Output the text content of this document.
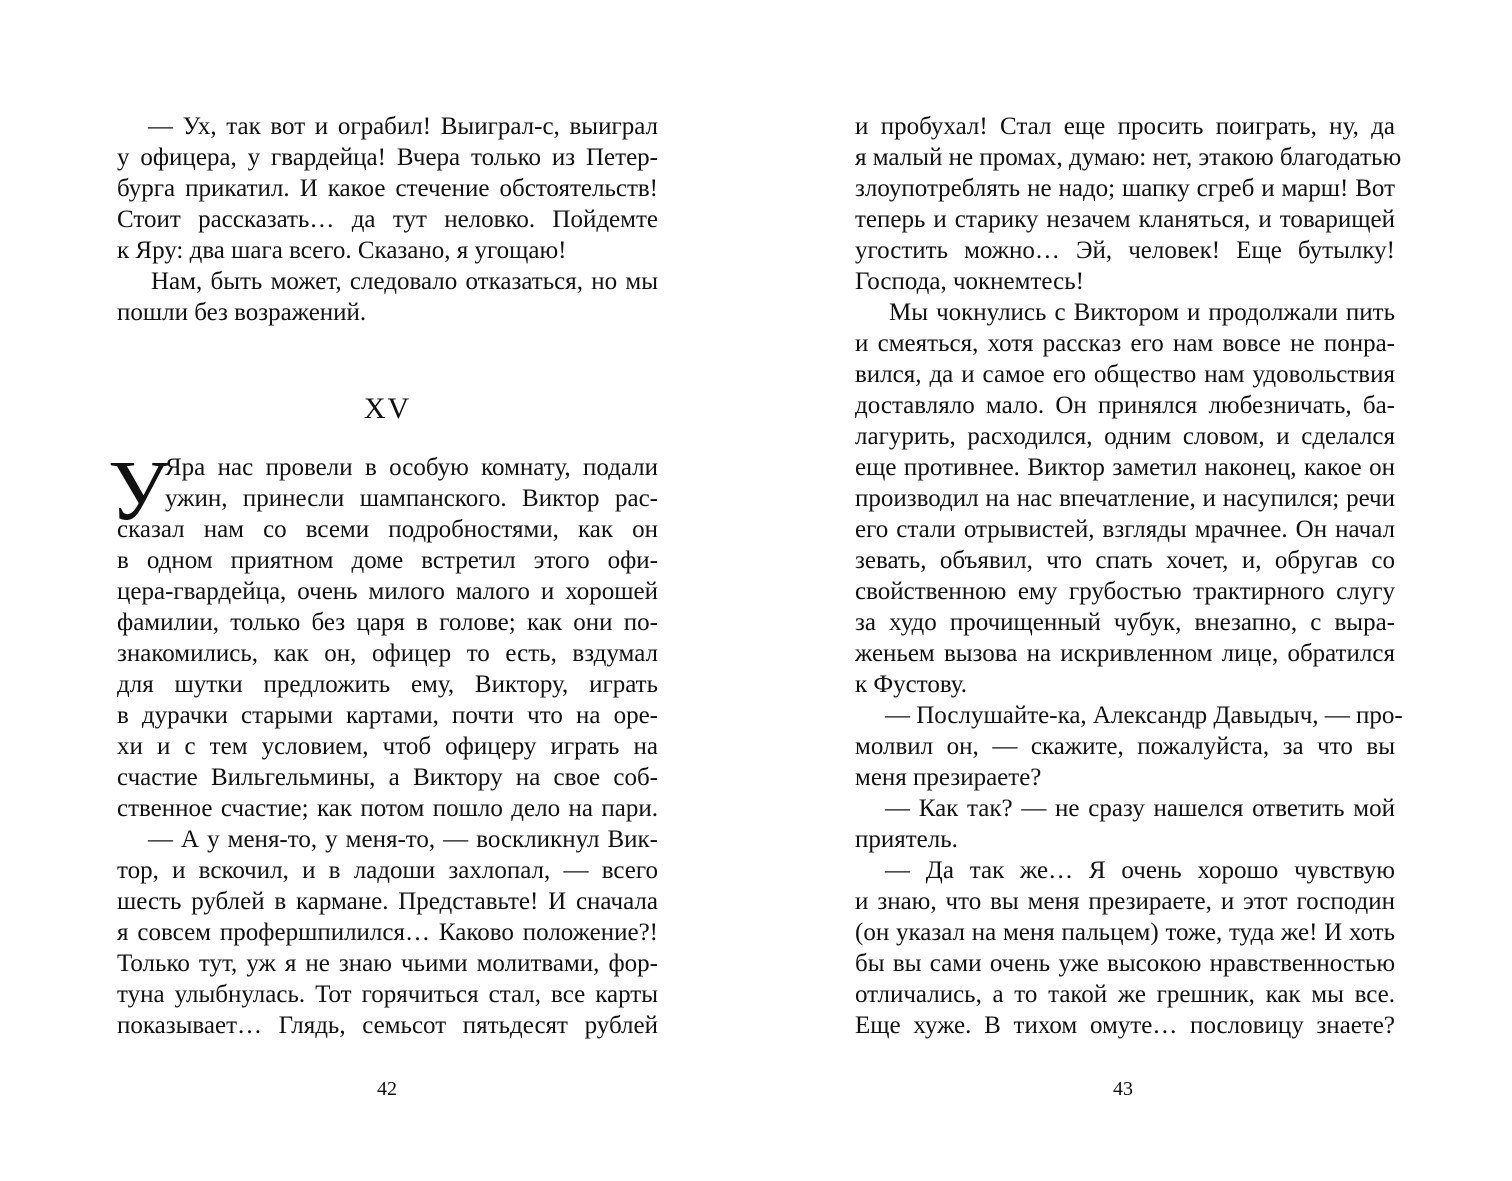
— Ух, так вот и ограбил! Выиграл-с, выиграл
у офицера, у гвардейца! Вчера только из Петер-
бурга прикатил. И какое стечение обстоятельств!
Стоит рассказать… да тут неловко. Пойдемте
к Яру: два шага всего. Сказано, я угощаю!
Нам, быть может, следовало отказаться, но мы
пошли без возражений.
XV
У
Яра нас провели в особую комнату, подали
ужин, принесли шампанского. Виктор рас-
сказал нам со всеми подробностями, как он
в одном приятном доме встретил этого офи-
цера-гвардейца, очень милого малого и хорошей
фамилии, только без царя в голове; как они по-
знакомились, как он, офицер то есть, вздумал
для шутки предложить ему, Виктору, играть
в дурачки старыми картами, почти что на оре-
хи и с тем условием, чтоб офицеру играть на
счастие Вильгельмины, а Виктору на свое соб-
ственное счастие; как потом пошло дело на пари.
— А у меня-то, у меня-то, — воскликнул Вик-
тор, и вскочил, и в ладоши захлопал, — всего
шесть рублей в кармане. Представьте! И сначала
я совсем профершпилился… Каково положение?!
Только тут, уж я не знаю чьими молитвами, фор-
туна улыбнулась. Тот горячиться стал, все карты
показывает… Глядь, семьсот пятьдесят рублей
42
и пробухал! Стал еще просить поиграть, ну, да
я малый не промах, думаю: нет, этакою благодатью
злоупотреблять не надо; шапку сгреб и марш! Вот
теперь и старику незачем кланяться, и товарищей
угостить можно… Эй, человек! Еще бутылку!
Господа, чокнемтесь!
Мы чокнулись с Виктором и продолжали пить
и смеяться, хотя рассказ его нам вовсе не понра-
вился, да и самое его общество нам удовольствия
доставляло мало. Он принялся любезничать, ба-
лагурить, расходился, одним словом, и сделался
еще противнее. Виктор заметил наконец, какое он
производил на нас впечатление, и насупился; речи
его стали отрывистей, взгляды мрачнее. Он начал
зевать, объявил, что спать хочет, и, обругав со
свойственною ему грубостью трактирного слугу
за худо прочищенный чубук, внезапно, с выра-
женьем вызова на искривленном лице, обратился
к Фустову.
— Послушайте-ка, Александр Давыдыч, — про-
молвил он, — скажите, пожалуйста, за что вы
меня презираете?
— Как так? — не сразу нашелся ответить мой
приятель.
— Да так же… Я очень хорошо чувствую
и знаю, что вы меня презираете, и этот господин
(он указал на меня пальцем) тоже, туда же! И хоть
бы вы сами очень уже высокою нравственностью
отличались, а то такой же грешник, как мы все.
Еще хуже. В тихом омуте… пословицу знаете?
43
